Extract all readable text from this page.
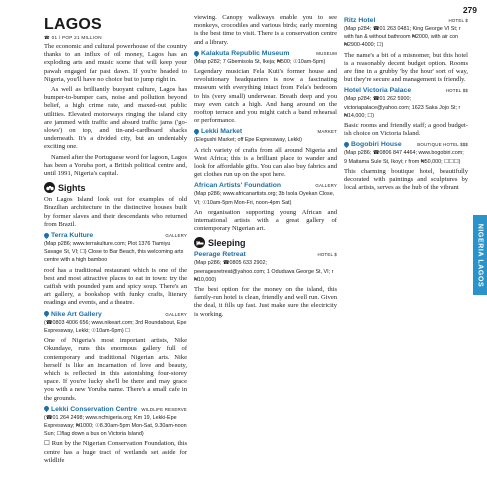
279
LAGOS
☎ 01 / POP 21 MILLION

The economic and cultural powerhouse of the country thanks to an influx of oil money, Lagos has an exploding arts and music scene that will keep your pawah engaged far past dawn. If you're headed to Nigeria, you'll have no choice but to jump right in.

As well as brilliantly buoyant culture, Lagos has bumper-to-bumper cars, noise and pollution beyond belief, a high crime rate, and maxed-out public utilities. Elevated motorways ringing the island city are jammed with traffic and absurd traffic jams ('go-slows') on top, and tin-and-cardboard shacks underneath. It's a divided city, but an undeniably exciting one.

Named after the Portuguese word for lagoon, Lagos has been a Yoruba port, a British political centre and, until 1991, Nigeria's capital.

Sights

On Lagos Island look out for examples of old Brazilian architecture in the distinctive houses built by former slaves and their descendants who returned from Brazil.

Terra Kulture	GALLERY

(Map p286; www.terrakulture.com; Plot 1376 Tiamiyu Savage St, VI; ☐) Close to Bar Beach, this welcoming arts centre with a high bamboo

roof has a traditional restaurant which is one of the best and most attractive places to eat in town: try the catfish with pounded yam and spicy soup. There's an art gallery, a bookshop with funky crafts, literary readings and events, and a theatre.

Nike Art Gallery	GALLERY

(☎0803 4006 656; www.nikeart.com; 3rd Roundabout, Epe Expressway, Lekki; ☉10am-6pm) ☐

One of Nigeria's most important artists, Nike Okundaye, runs this enormous gallery full of contemporary and traditional Nigerian arts. Nike herself is like an incarnation of love and beauty, which is reflected in this astonishing four-storey space. If you're lucky she'll be there and may grace you with a new Yoruba name. There's a small cafe in the grounds.

Lekki Conservation Centre WILDLIFE RESERVE

(☎01 264 2498; www.ncfnigeria.org; Km 19, Lekki-Epe Expressway; ₦1000; ☉8.30am-5pm Mon-Sat, 9.30am-noon Sun; ☐flag down a bus on Victoria Island)

☐ Run by the Nigerian Conservation Foundation, this centre has a huge tract of wetlands set aside for wildlife

viewing. Canopy walkways enable you to see monkeys, crocodiles and various birds; early morning is the best time to visit. There is a conservation centre and a library.

Kalakuta Republic Museum	MUSEUM

(Map p282; 7 Gbemisola St, Ikeja; ₦500; ☉10am-5pm)

Legendary musician Fela Kuti's former house and revolutionary headquarters is now a fascinating museum with everything intact from Fela's bedroom to his (very small) underwear. Breath deep and you may even catch a high. And hang around on the rooftop terrace and you might catch a band rehearsal or performance.

Lekki Market	MARKET

(Elegushi Market; off Epe Expressway, Lekki)

A rich variety of crafts from all around Nigeria and West Africa; this is a brilliant place to wander and look for affordable gifts. You can also buy fabrics and get clothes run up on the spot here.

African Artists' Foundation	GALLERY

(Map p286; www.africanartists.org; 3b Isola Oyekan Close, VI; ☉10am-5pm Mon-Fri, noon-4pm Sat)

An organisation supporting young African and international artists with a great gallery of contemporary Nigerian art.

Sleeping
Peerage Retreat	HOTEL $

(Map p286; ☎0805 633 2902; peeragesretreat@yahoo.com; 1 Oduduwa George St, VI; r ₦10,000)

The best option for the money on the island, this family-run hotel is clean, friendly and well run. Given the deal, it fills up fast. Just make sure the electricity is working.

Ritz Hotel	HOTEL $

(Map p284; ☎01 263 0481; King George VI St; r with fan & without bathroom ₦2000, with air con ₦2900-4000; ☐)

The name's a bit of a misnomer, but this hotel is a reasonably decent budget option. Rooms are fine in a grubby 'by the hour' sort of way, but they're secure and management is friendly.

Hotel Victoria Palace	HOTEL $$

(Map p284; ☎01 262 5900; victoriapalace@yahoo.com; 1623 Saka Jojo St; r ₦14,000; ☐)

Basic rooms and friendly staff; a good budget-ish choice on Victoria Island.

Bogobiri House	BOUTIQUE HOTEL $$$

(Map p286; ☎0806 847 4464; www.bogobiri.com; 9 Maitama Sule St, Ikoyi; r from ₦50,000; ☐☐☐)

This charming boutique hotel, beautifully decorated with paintings and sculptures by local artists, serves as the hub of the vibrant

NIGERIA LAGOS
